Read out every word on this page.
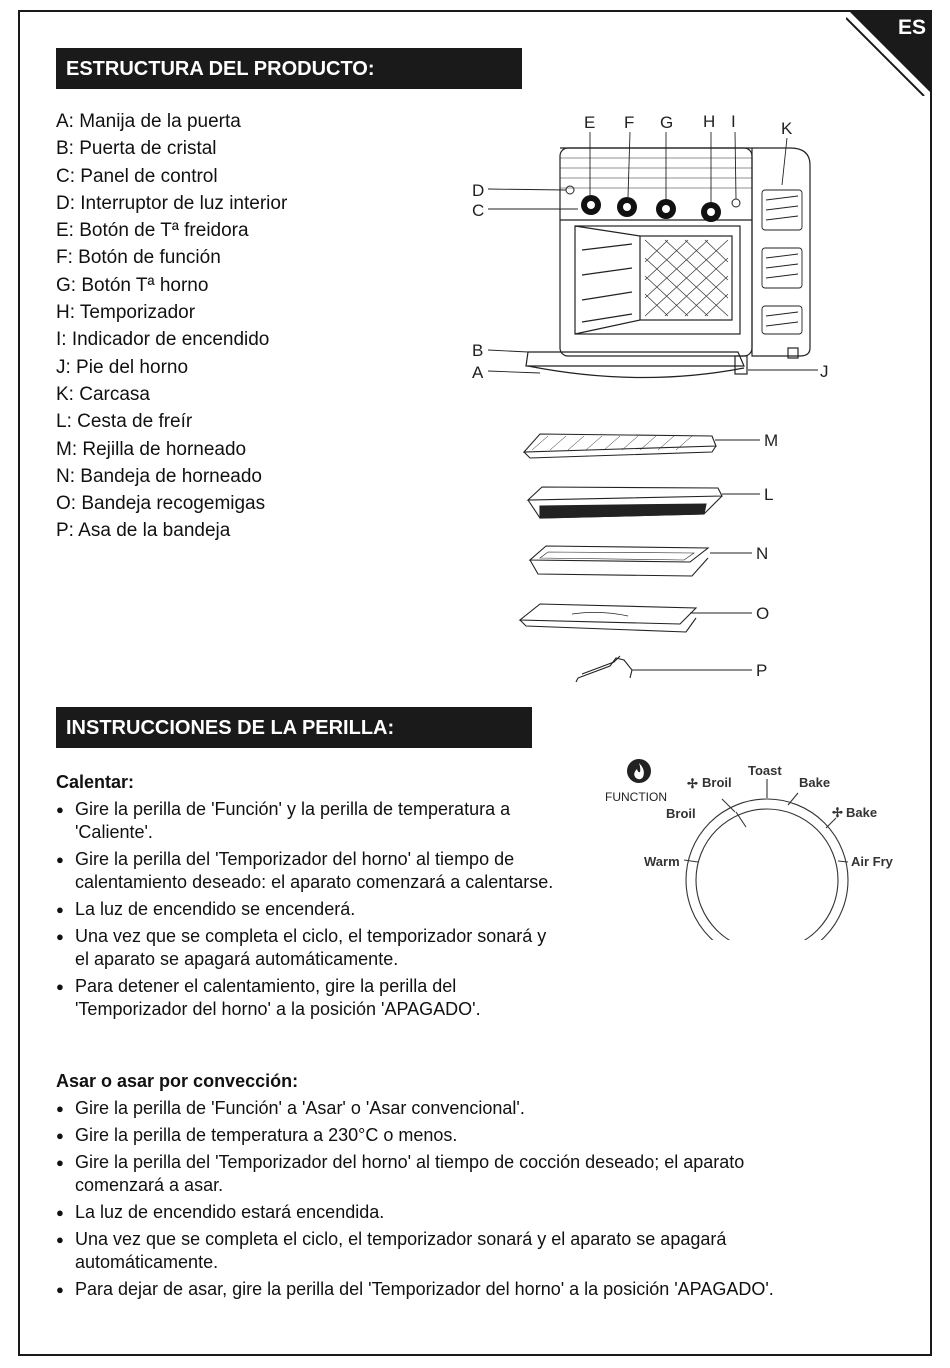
ES
ESTRUCTURA DEL PRODUCTO:
A: Manija de la puerta
B: Puerta de cristal
C: Panel de control
D: Interruptor de luz interior
E: Botón de Tª freidora
F: Botón de función
G: Botón Tª horno
H: Temporizador
I: Indicador de encendido
J: Pie del horno
K: Carcasa
L: Cesta de freír
M: Rejilla de horneado
N: Bandeja de horneado
O: Bandeja recogemigas
P: Asa de la bandeja
E F G H I	K
D
C
B
A	J
M
L
N
O
P
INSTRUCCIONES DE LA PERILLA:
FUNCTION
Warm
Broil
✢ Broil
Toast
Bake
✢ Bake
Air Fry
Calentar:
● Gire la perilla de 'Función' y la perilla de temperatura a 'Caliente'.
● Gire la perilla del 'Temporizador del horno' al tiempo de calentamiento deseado: el aparato comenzará a calentarse.
● La luz de encendido se encenderá.
● Una vez que se completa el ciclo, el temporizador sonará y el aparato se apagará automáticamente.
● Para detener el calentamiento, gire la perilla del 'Temporizador del horno' a la posición 'APAGADO'.
Asar o asar por convección:
● Gire la perilla de 'Función' a 'Asar' o 'Asar convencional'.
● Gire la perilla de temperatura a 230°C o menos.
● Gire la perilla del 'Temporizador del horno' al tiempo de cocción deseado; el aparato comenzará a asar.
● La luz de encendido estará encendida.
● Una vez que se completa el ciclo, el temporizador sonará y el aparato se apagará automáticamente.
● Para dejar de asar, gire la perilla del 'Temporizador del horno' a la posición 'APAGADO'.
